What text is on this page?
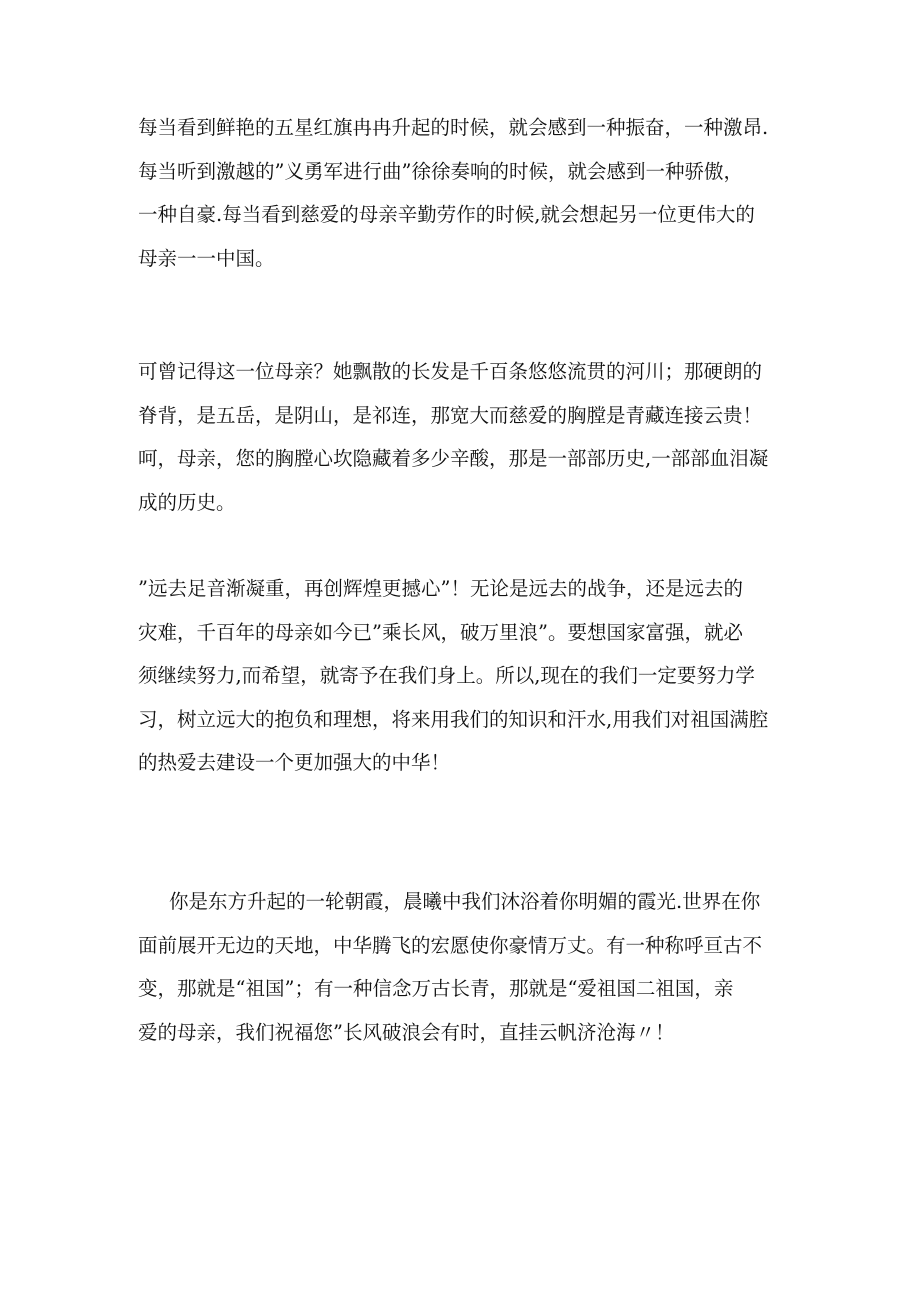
每当看到鲜艳的五星红旗冉冉升起的时候，就会感到一种振奋，一种激昂.
每当听到激越的”义勇军进行曲”徐徐奏响的时候，就会感到一种骄傲，
一种自豪.每当看到慈爱的母亲辛勤劳作的时候,就会想起另一位更伟大的
母亲一一中国。
可曾记得这一位母亲？她飘散的长发是千百条悠悠流贯的河川；那硬朗的
脊背，是五岳，是阴山，是祁连，那宽大而慈爱的胸膛是青藏连接云贵！
呵，母亲，您的胸膛心坎隐藏着多少辛酸，那是一部部历史,一部部血泪凝
成的历史。
”远去足音渐凝重，再创辉煌更撼心”！无论是远去的战争，还是远去的
灾难，千百年的母亲如今已”乘长风，破万里浪”。要想国家富强，就必
须继续努力,而希望，就寄予在我们身上。所以,现在的我们一定要努力学
习，树立远大的抱负和理想，将来用我们的知识和汗水,用我们对祖国满腔
的热爱去建设一个更加强大的中华！
你是东方升起的一轮朝霞，晨曦中我们沐浴着你明媚的霞光.世界在你
面前展开无边的天地，中华腾飞的宏愿使你豪情万丈。有一种称呼亘古不
变，那就是“祖国”；有一种信念万古长青，那就是“爱祖国二祖国，亲
爱的母亲，我们祝福您”长风破浪会有时，直挂云帆济沧海〃！
